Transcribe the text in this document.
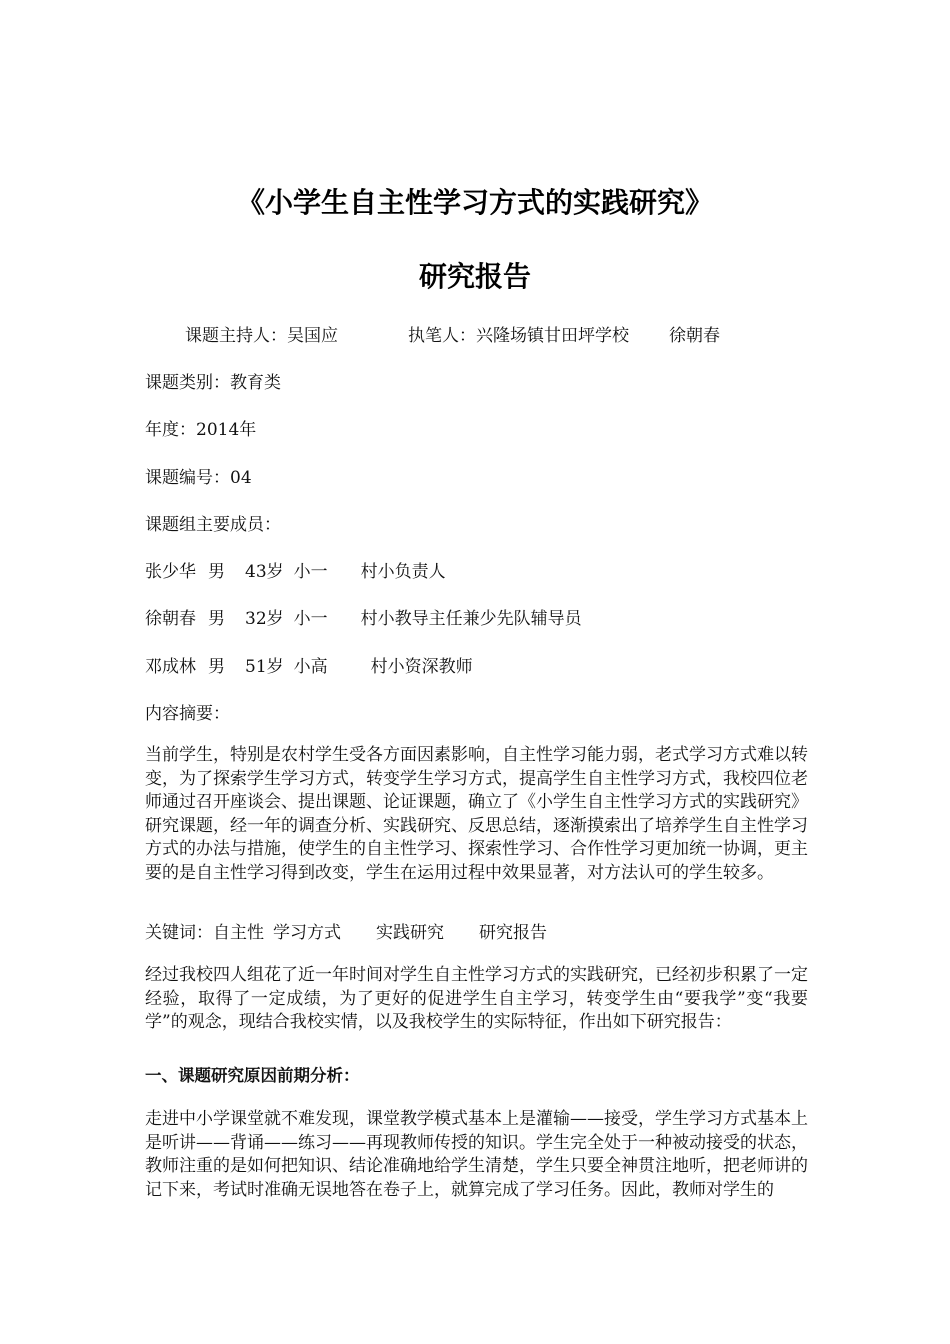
《小学生自主性学习方式的实践研究》
研究报告
课题主持人：吴国应	执笔人：兴隆场镇甘田坪学校 徐朝春
课题类别：教育类
年度：2014年
课题编号：04
课题组主要成员：
张少华 男 43岁 小一 村小负责人
徐朝春 男 32岁 小一 村小教导主任兼少先队辅导员
邓成林 男 51岁 小高	村小资深教师
内容摘要：
当前学生，特别是农村学生受各方面因素影响，自主性学习能力弱，老式学习方式难以转变，为了探索学生学习方式，转变学生学习方式，提高学生自主性学习方式，我校四位老师通过召开座谈会、提出课题、论证课题，确立了《小学生自主性学习方式的实践研究》研究课题，经一年的调查分析、实践研究、反思总结，逐渐摸索出了培养学生自主性学习方式的办法与措施，使学生的自主性学习、探索性学习、合作性学习更加统一协调，更主要的是自主性学习得到改变，学生在运用过程中效果显著，对方法认可的学生较多。
关键词：自主性 学习方式 实践研究 研究报告
经过我校四人组花了近一年时间对学生自主性学习方式的实践研究，已经初步积累了一定经验，取得了一定成绩，为了更好的促进学生自主学习，转变学生由“要我学”变“我要学”的观念，现结合我校实情，以及我校学生的实际特征，作出如下研究报告：
一、课题研究原因前期分析：
走进中小学课堂就不难发现，课堂教学模式基本上是灌输——接受，学生学习方式基本上是听讲——背诵——练习——再现教师传授的知识。学生完全处于一种被动接受的状态，教师注重的是如何把知识、结论准确地给学生清楚，学生只要全神贯注地听，把老师讲的记下来，考试时准确无误地答在卷子上，就算完成了学习任务。因此，教师对学生的
